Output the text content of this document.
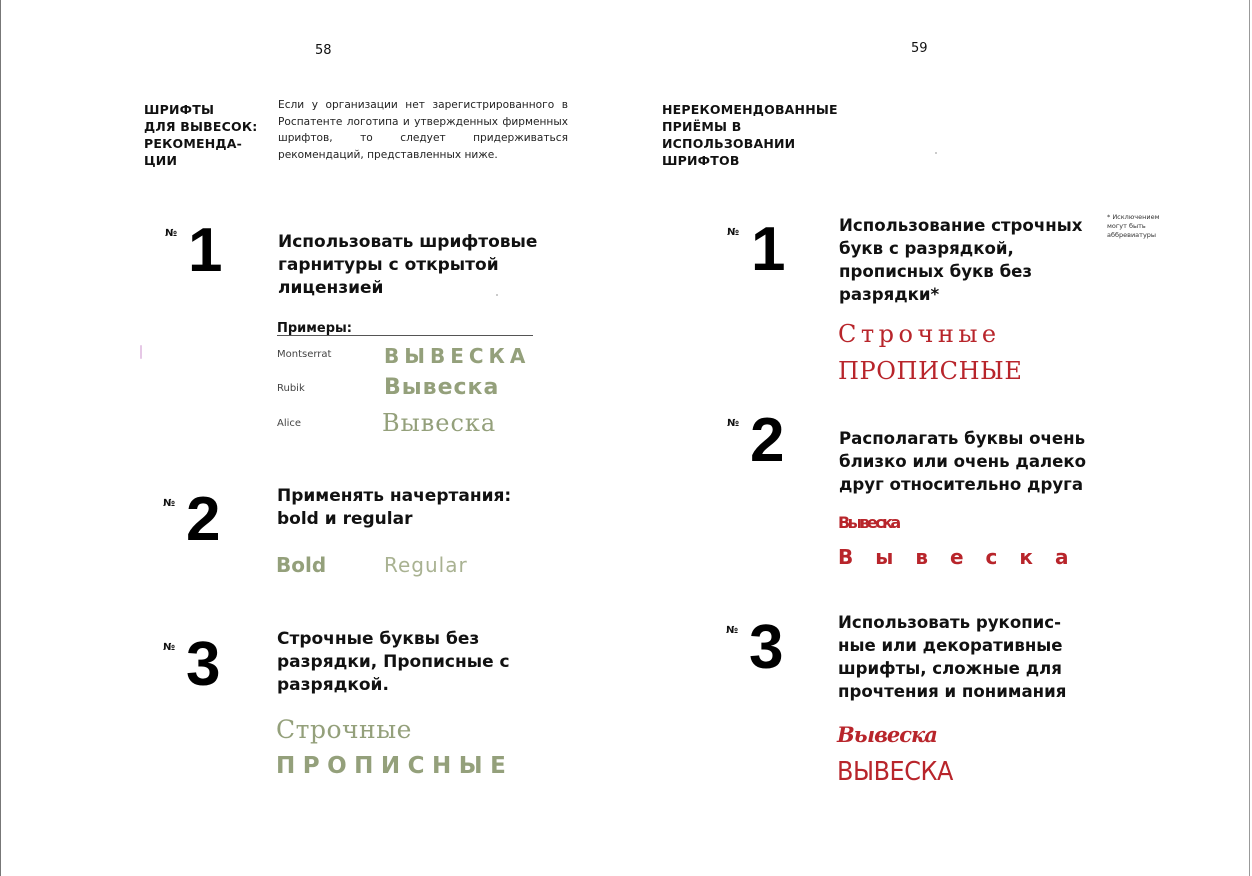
58
ШРИФТЫ
ДЛЯ ВЫВЕСОК:
РЕКОМЕНДА-
ЦИИ
Если у организации нет зарегистрированного в Роспатенте логотипа и утвержденных фирменных шрифтов, то следует придерживаться рекомендаций, представленных ниже.
№ 1	Использовать шрифтовые
гарнитуры с открытой
лицензией
Примеры:
Montserrat	ВЫВЕСКА
Rubik	Вывеска
Alice	Вывеска
№ 2	Применять начертания:
bold и regular
Bold	Regular
№ 3	Строчные буквы без
разрядки, Прописные с
разрядкой.
Строчные
ПРОПИСНЫЕ
59
НЕРЕКОМЕНДОВАННЫЕ
ПРИЁМЫ В
ИСПОЛЬЗОВАНИИ
ШРИФТОВ
№ 1	Использование строчных
букв с разрядкой,
прописных букв без
разрядки*
* Исключением
могут быть
аббревиатуры
Строчные
ПРОПИСНЫЕ
№ 2	Располагать буквы очень
близко или очень далеко
друг относительно друга
Вывеска
Вывеска
№ 3	Использовать рукопис-
ные или декоративные
шрифты, сложные для
прочтения и понимания
Вывеска
ВЫВЕСКА
